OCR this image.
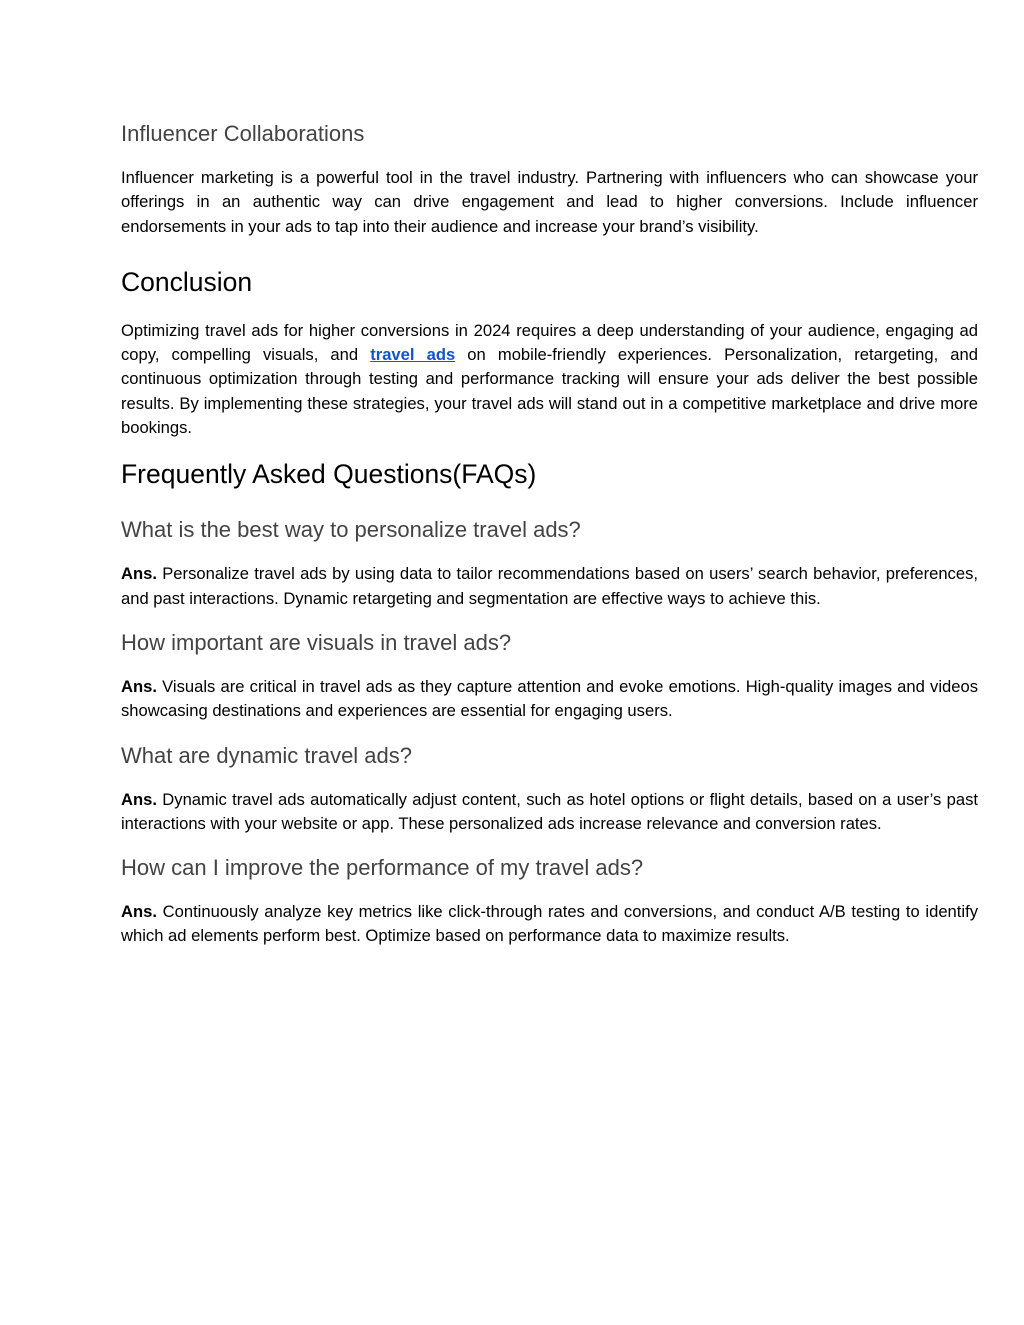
Influencer Collaborations

Influencer marketing is a powerful tool in the travel industry. Partnering with influencers who can showcase your offerings in an authentic way can drive engagement and lead to higher conversions. Include influencer endorsements in your ads to tap into their audience and increase your brand’s visibility.

Conclusion

Optimizing travel ads for higher conversions in 2024 requires a deep understanding of your audience, engaging ad copy, compelling visuals, and travel ads on mobile-friendly experiences. Personalization, retargeting, and continuous optimization through testing and performance tracking will ensure your ads deliver the best possible results. By implementing these strategies, your travel ads will stand out in a competitive marketplace and drive more bookings.

Frequently Asked Questions(FAQs)
What is the best way to personalize travel ads?

Ans. Personalize travel ads by using data to tailor recommendations based on users’ search behavior, preferences, and past interactions. Dynamic retargeting and segmentation are effective ways to achieve this.

How important are visuals in travel ads?

Ans. Visuals are critical in travel ads as they capture attention and evoke emotions. High-quality images and videos showcasing destinations and experiences are essential for engaging users.

What are dynamic travel ads?

Ans. Dynamic travel ads automatically adjust content, such as hotel options or flight details, based on a user’s past interactions with your website or app. These personalized ads increase relevance and conversion rates.

How can I improve the performance of my travel ads?

Ans. Continuously analyze key metrics like click-through rates and conversions, and conduct A/B testing to identify which ad elements perform best. Optimize based on performance data to maximize results.
